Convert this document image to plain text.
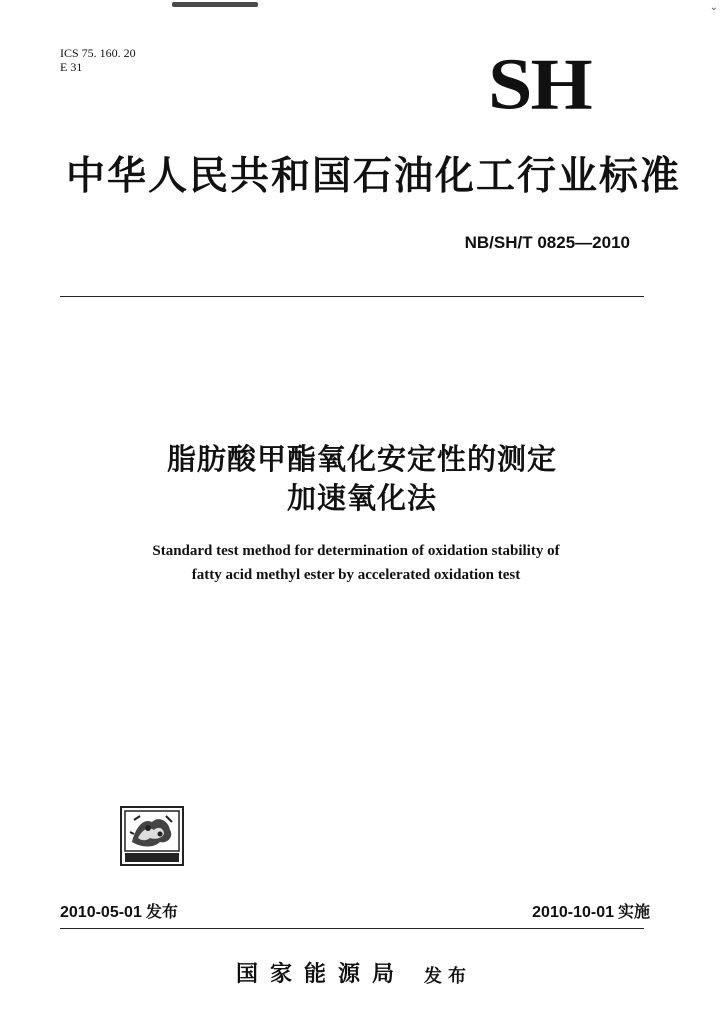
⌄
ICS 75. 160. 20
E 31	SH
中华人民共和国石油化工行业标准
NB/SH/T 0825—2010
脂肪酸甲酯氧化安定性的测定
加速氧化法
Standard test method for determination of oxidation stability of
fatty acid methyl ester by accelerated oxidation test
2010-05-01 发布	2010-10-01 实施
国家能源局 发布
